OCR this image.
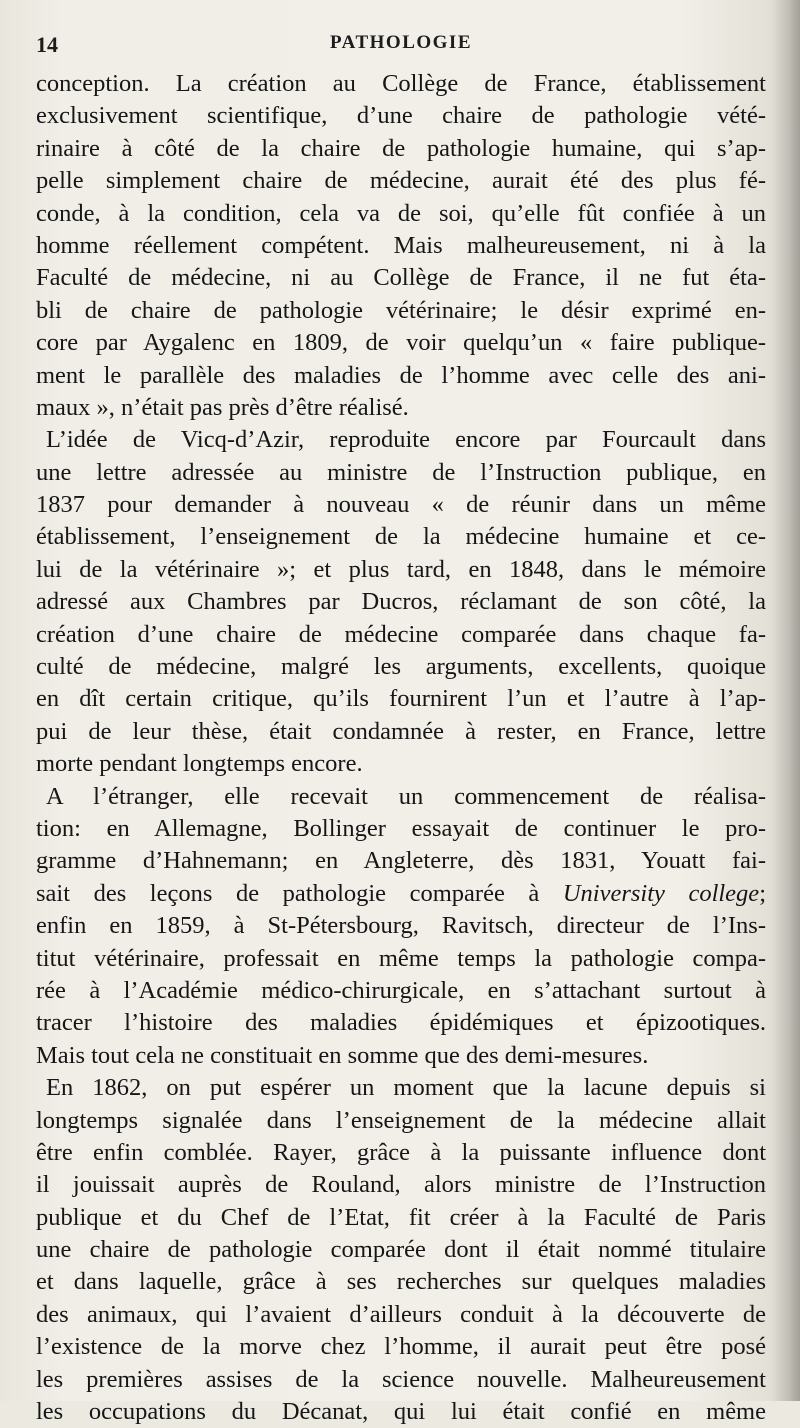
14	PATHOLOGIE
conception. La création au Collège de France, établissement
exclusivement scientifique, d’une chaire de pathologie vété-
rinaire à côté de la chaire de pathologie humaine, qui s’ap-
pelle simplement chaire de médecine, aurait été des plus fé-
conde, à la condition, cela va de soi, qu’elle fût confiée à un
homme réellement compétent. Mais malheureusement, ni à la
Faculté de médecine, ni au Collège de France, il ne fut éta-
bli de chaire de pathologie vétérinaire; le désir exprimé en-
core par Aygalenc en 1809, de voir quelqu’un « faire publique-
ment le parallèle des maladies de l’homme avec celle des ani-
maux », n’était pas près d’être réalisé.
L’idée de Vicq-d’Azir, reproduite encore par Fourcault dans
une lettre adressée au ministre de l’Instruction publique, en
1837 pour demander à nouveau « de réunir dans un même
établissement, l’enseignement de la médecine humaine et ce-
lui de la vétérinaire »; et plus tard, en 1848, dans le mémoire
adressé aux Chambres par Ducros, réclamant de son côté, la
création d’une chaire de médecine comparée dans chaque fa-
culté de médecine, malgré les arguments, excellents, quoique
en dît certain critique, qu’ils fournirent l’un et l’autre à l’ap-
pui de leur thèse, était condamnée à rester, en France, lettre
morte pendant longtemps encore.
A l’étranger, elle recevait un commencement de réalisa-
tion: en Allemagne, Bollinger essayait de continuer le pro-
gramme d’Hahnemann; en Angleterre, dès 1831, Youatt fai-
sait des leçons de pathologie comparée à University college;
enfin en 1859, à St-Pétersbourg, Ravitsch, directeur de l’Ins-
titut vétérinaire, professait en même temps la pathologie compa-
rée à l’Académie médico-chirurgicale, en s’attachant surtout à
tracer l’histoire des maladies épidémiques et épizootiques.
Mais tout cela ne constituait en somme que des demi-mesures.
En 1862, on put espérer un moment que la lacune depuis si
longtemps signalée dans l’enseignement de la médecine allait
être enfin comblée. Rayer, grâce à la puissante influence dont
il jouissait auprès de Rouland, alors ministre de l’Instruction
publique et du Chef de l’Etat, fit créer à la Faculté de Paris
une chaire de pathologie comparée dont il était nommé titulaire
et dans laquelle, grâce à ses recherches sur quelques maladies
des animaux, qui l’avaient d’ailleurs conduit à la découverte de
l’existence de la morve chez l’homme, il aurait peut être posé
les premières assises de la science nouvelle. Malheureusement
les occupations du Décanat, qui lui était confié en même
